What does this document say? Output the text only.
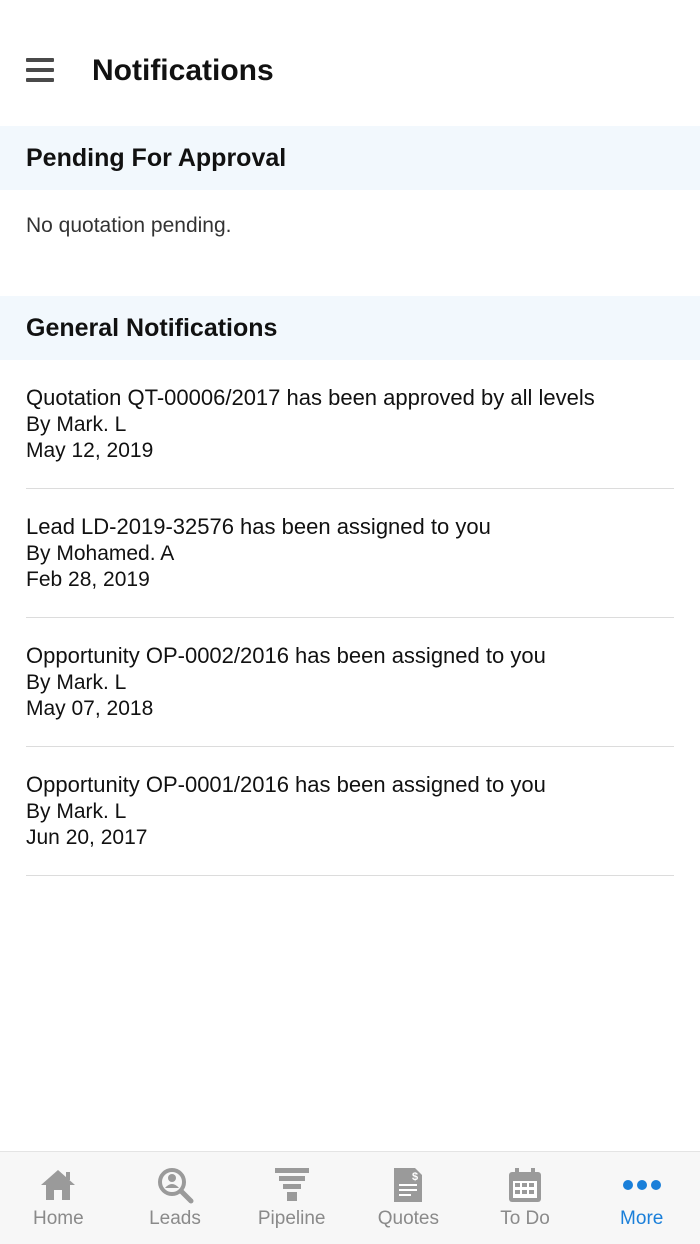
Notifications
Pending For Approval

No quotation pending.

General Notifications
Quotation QT-00006/2017 has been approved by all levels
By Mark. L
May 12, 2019
Lead LD-2019-32576 has been assigned to you
By Mohamed. A
Feb 28, 2019
Opportunity OP-0002/2016 has been assigned to you
By Mark. L
May 07, 2018
Opportunity OP-0001/2016 has been assigned to you
By Mark. L
Jun 20, 2017
Home	Leads	Pipeline
$
Quotes	To Do	More
